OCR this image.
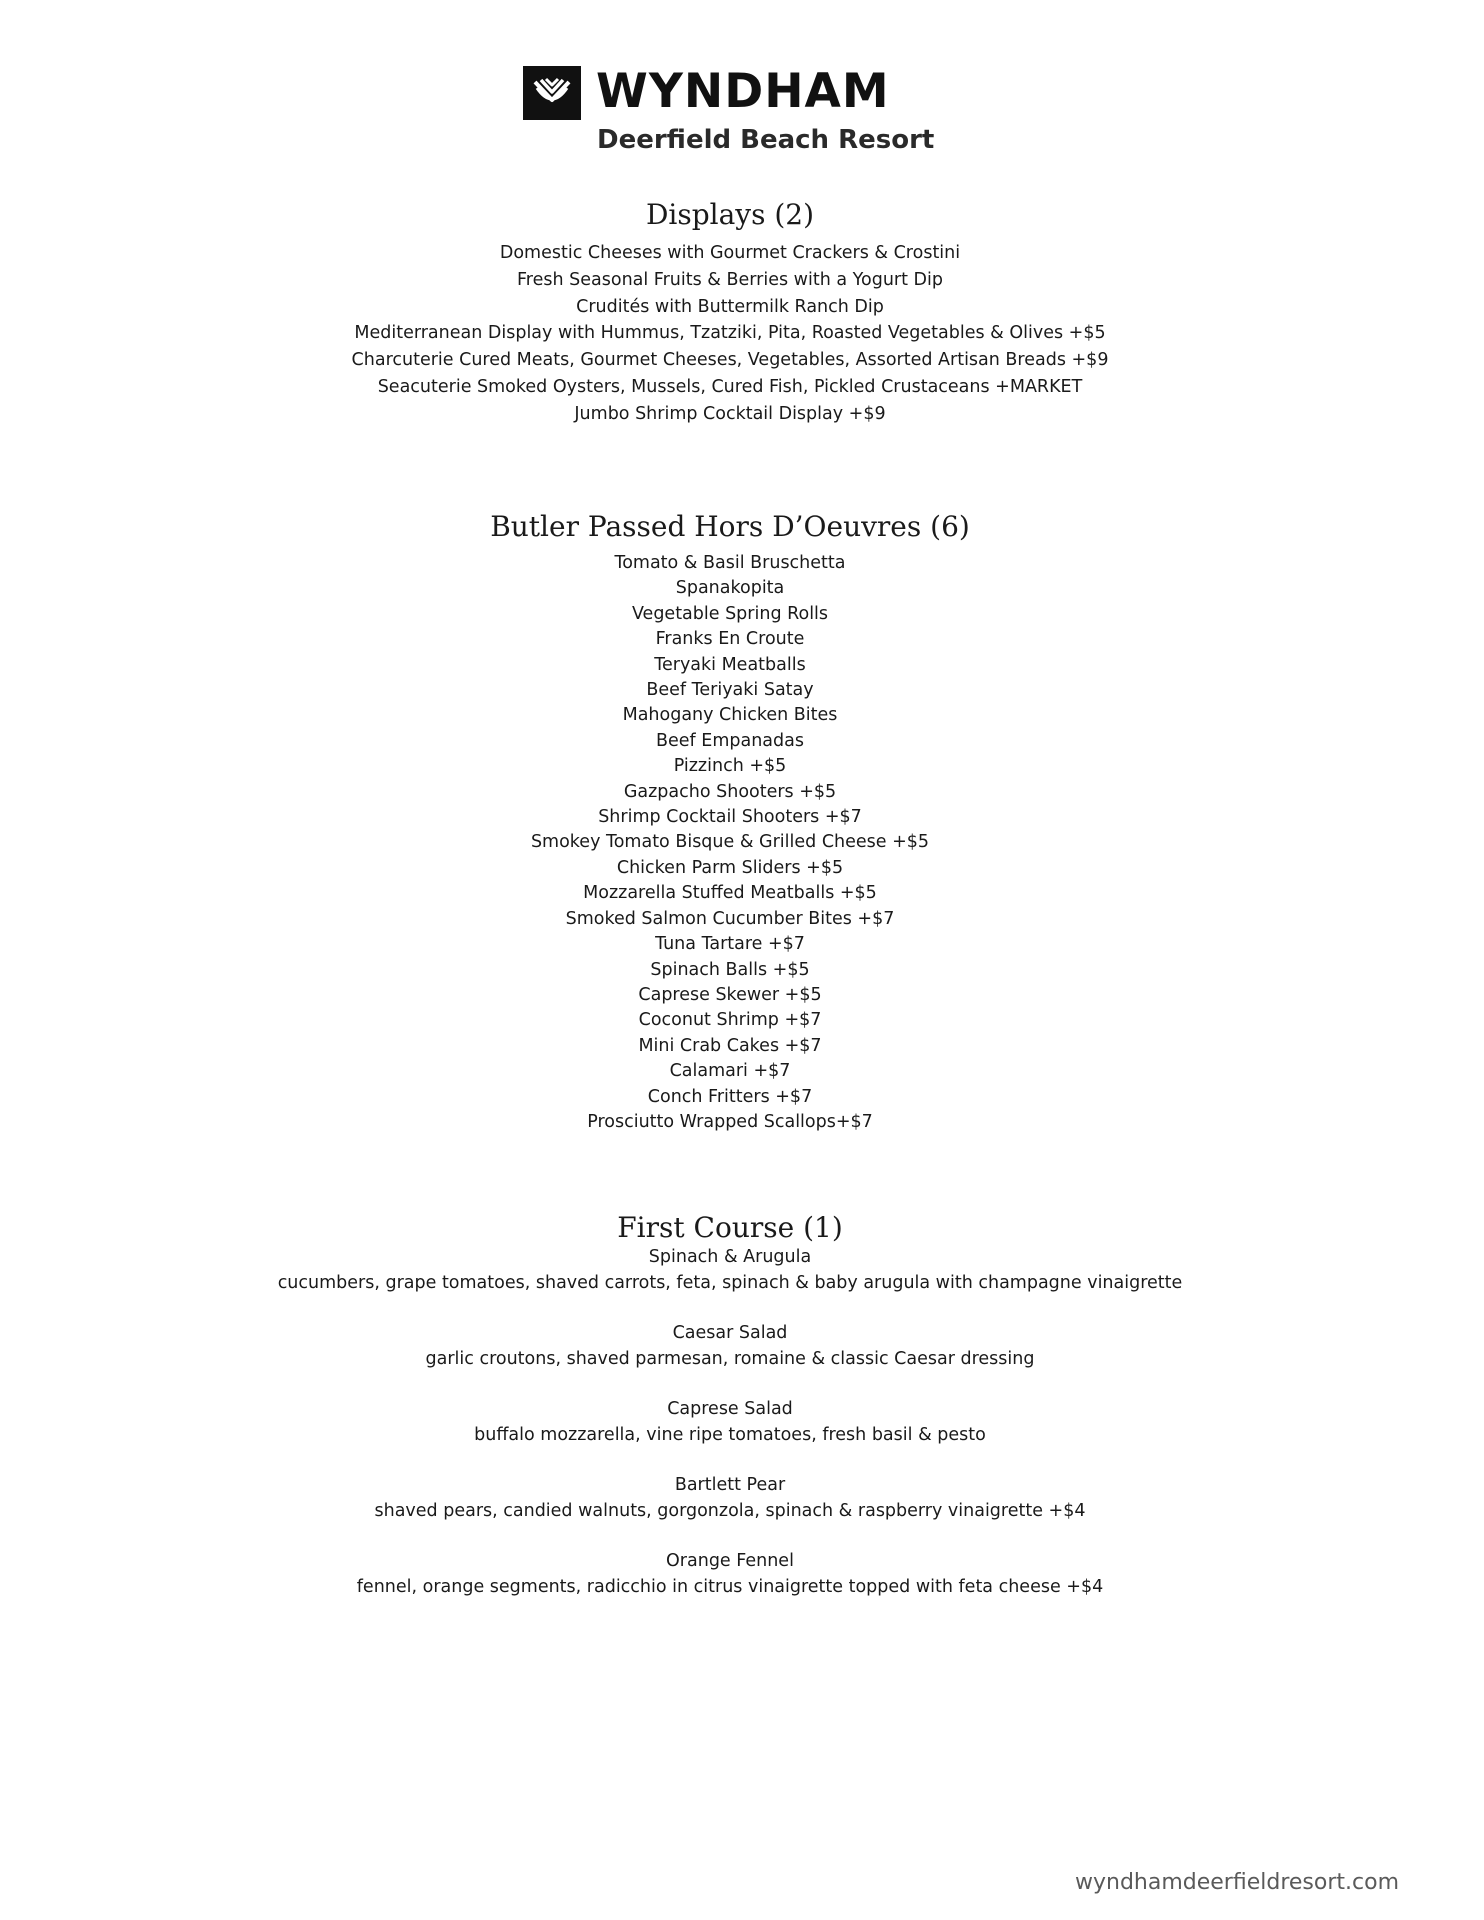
WYNDHAM
Deerfield Beach Resort
Displays (2)
Domestic Cheeses with Gourmet Crackers & Crostini
Fresh Seasonal Fruits & Berries with a Yogurt Dip
Crudités with Buttermilk Ranch Dip
Mediterranean Display with Hummus, Tzatziki, Pita, Roasted Vegetables & Olives +$5
Charcuterie Cured Meats, Gourmet Cheeses, Vegetables, Assorted Artisan Breads +$9
Seacuterie Smoked Oysters, Mussels, Cured Fish, Pickled Crustaceans +MARKET
Jumbo Shrimp Cocktail Display +$9
Butler Passed Hors D’Oeuvres (6)
Tomato & Basil Bruschetta
Spanakopita
Vegetable Spring Rolls
Franks En Croute
Teryaki Meatballs
Beef Teriyaki Satay
Mahogany Chicken Bites
Beef Empanadas
Pizzinch +$5
Gazpacho Shooters +$5
Shrimp Cocktail Shooters +$7
Smokey Tomato Bisque & Grilled Cheese +$5
Chicken Parm Sliders +$5
Mozzarella Stuffed Meatballs +$5
Smoked Salmon Cucumber Bites +$7
Tuna Tartare +$7
Spinach Balls +$5
Caprese Skewer +$5
Coconut Shrimp +$7
Mini Crab Cakes +$7
Calamari +$7
Conch Fritters +$7
Prosciutto Wrapped Scallops+$7
First Course (1)
Spinach & Arugula
cucumbers, grape tomatoes, shaved carrots, feta, spinach & baby arugula with champagne vinaigrette
Caesar Salad
garlic croutons, shaved parmesan, romaine & classic Caesar dressing
Caprese Salad
buffalo mozzarella, vine ripe tomatoes, fresh basil & pesto
Bartlett Pear
shaved pears, candied walnuts, gorgonzola, spinach & raspberry vinaigrette +$4
Orange Fennel
fennel, orange segments, radicchio in citrus vinaigrette topped with feta cheese +$4
wyndhamdeerfieldresort.com
